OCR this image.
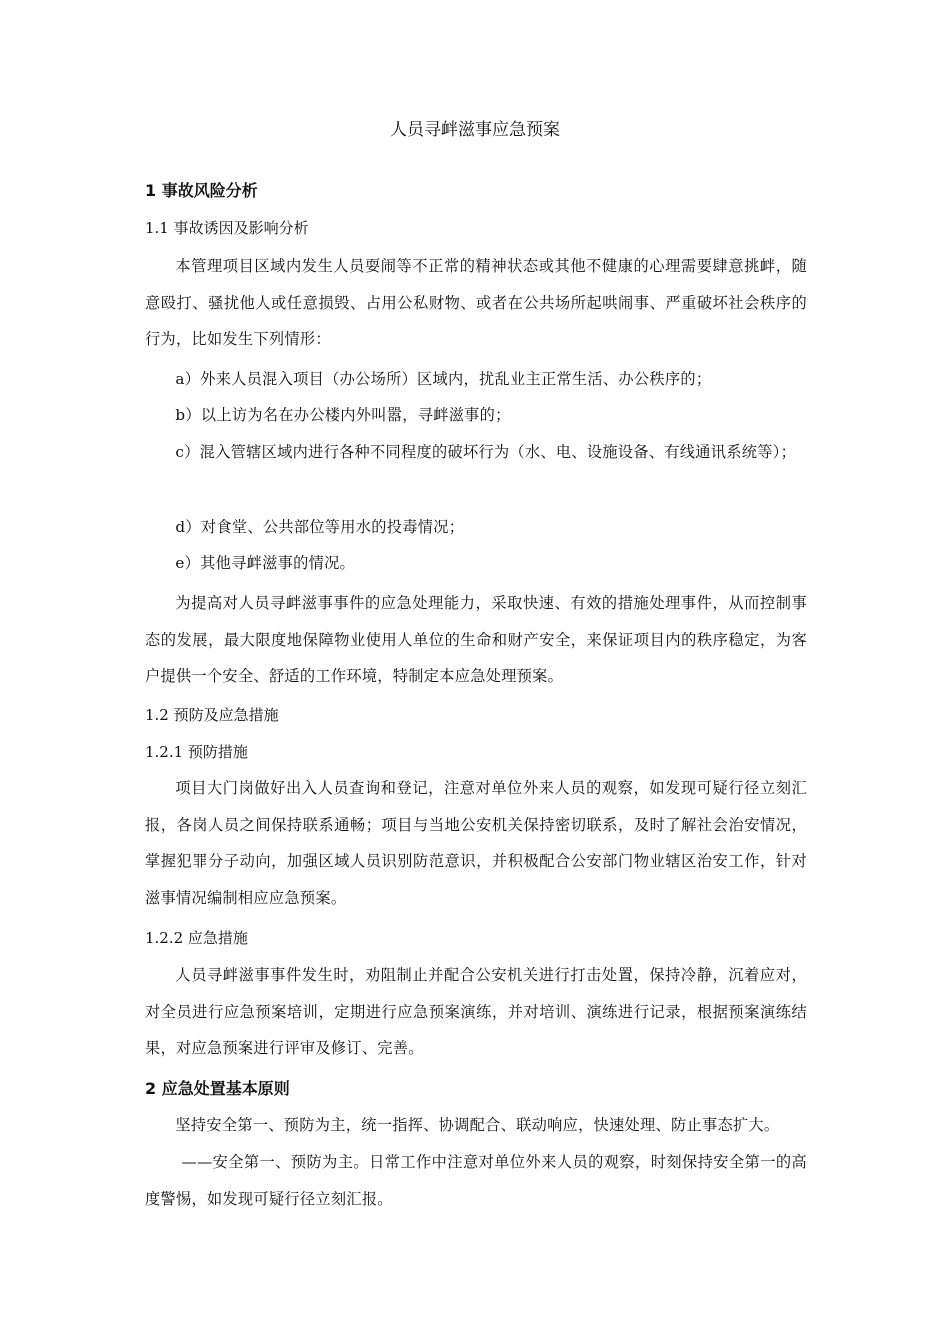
人员寻衅滋事应急预案
1 事故风险分析
1.1 事故诱因及影响分析
本管理项目区域内发生人员耍闹等不正常的精神状态或其他不健康的心理需要肆意挑衅，随意殴打、骚扰他人或任意损毁、占用公私财物、或者在公共场所起哄闹事、严重破坏社会秩序的行为，比如发生下列情形：
a）外来人员混入项目（办公场所）区域内，扰乱业主正常生活、办公秩序的；
b）以上访为名在办公楼内外叫嚣，寻衅滋事的；
c）混入管辖区域内进行各种不同程度的破坏行为（水、电、设施设备、有线通讯系统等）；
d）对食堂、公共部位等用水的投毒情况；
e）其他寻衅滋事的情况。
为提高对人员寻衅滋事事件的应急处理能力，采取快速、有效的措施处理事件，从而控制事态的发展，最大限度地保障物业使用人单位的生命和财产安全，来保证项目内的秩序稳定，为客户提供一个安全、舒适的工作环境，特制定本应急处理预案。
1.2 预防及应急措施
1.2.1 预防措施
项目大门岗做好出入人员查询和登记，注意对单位外来人员的观察，如发现可疑行径立刻汇报，各岗人员之间保持联系通畅；项目与当地公安机关保持密切联系，及时了解社会治安情况，掌握犯罪分子动向，加强区域人员识别防范意识，并积极配合公安部门物业辖区治安工作，针对滋事情况编制相应应急预案。
1.2.2 应急措施
人员寻衅滋事事件发生时，劝阻制止并配合公安机关进行打击处置，保持冷静，沉着应对，对全员进行应急预案培训，定期进行应急预案演练，并对培训、演练进行记录，根据预案演练结果，对应急预案进行评审及修订、完善。
2 应急处置基本原则
坚持安全第一、预防为主，统一指挥、协调配合、联动响应，快速处理、防止事态扩大。
——安全第一、预防为主。日常工作中注意对单位外来人员的观察，时刻保持安全第一的高度警惕，如发现可疑行径立刻汇报。
